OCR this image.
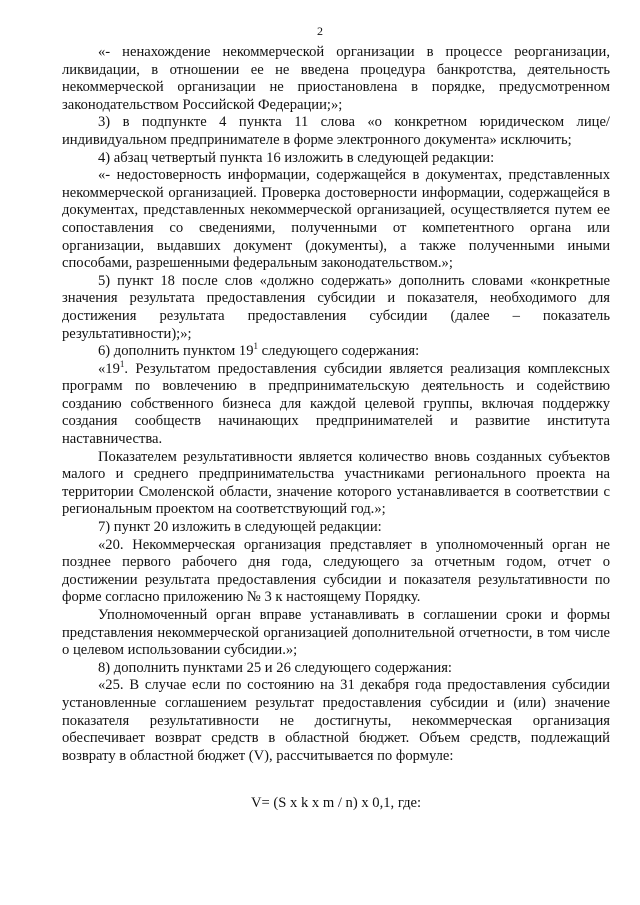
2

«- ненахождение некоммерческой организации в процессе реорганизации, ликвидации, в отношении ее не введена процедура банкротства, деятельность некоммерческой организации не приостановлена в порядке, предусмотренном законодательством Российской Федерации;»;

3) в подпункте 4 пункта 11 слова «о конкретном юридическом лице/индивидуальном предпринимателе в форме электронного документа» исключить;

4) абзац четвертый пункта 16 изложить в следующей редакции:

«- недостоверность информации, содержащейся в документах, представленных некоммерческой организацией. Проверка достоверности информации, содержащейся в документах, представленных некоммерческой организацией, осуществляется путем ее сопоставления со сведениями, полученными от компетентного органа или организации, выдавших документ (документы), а также полученными иными способами, разрешенными федеральным законодательством.»;

5) пункт 18 после слов «должно содержать» дополнить словами «конкретные значения результата предоставления субсидии и показателя, необходимого для достижения результата предоставления субсидии (далее – показатель результативности);»;

6) дополнить пунктом $19^1$ следующего содержания:

«$19^1$. Результатом предоставления субсидии является реализация комплексных программ по вовлечению в предпринимательскую деятельность и содействию созданию собственного бизнеса для каждой целевой группы, включая поддержку создания сообществ начинающих предпринимателей и развитие института наставничества.

Показателем результативности является количество вновь созданных субъектов малого и среднего предпринимательства участниками регионального проекта на территории Смоленской области, значение которого устанавливается в соответствии с региональным проектом на соответствующий год.»;

7) пункт 20 изложить в следующей редакции:

«20. Некоммерческая организация представляет в уполномоченный орган не позднее первого рабочего дня года, следующего за отчетным годом, отчет о достижении результата предоставления субсидии и показателя результативности по форме согласно приложению № 3 к настоящему Порядку.

Уполномоченный орган вправе устанавливать в соглашении сроки и формы представления некоммерческой организацией дополнительной отчетности, в том числе о целевом использовании субсидии.»;

8) дополнить пунктами 25 и 26 следующего содержания:

«25. В случае если по состоянию на 31 декабря года предоставления субсидии установленные соглашением результат предоставления субсидии и (или) значение показателя результативности не достигнуты, некоммерческая организация обеспечивает возврат средств в областной бюджет. Объем средств, подлежащий возврату в областной бюджет (V), рассчитывается по формуле:

V= (S x k x m / n) x 0,1, где:
